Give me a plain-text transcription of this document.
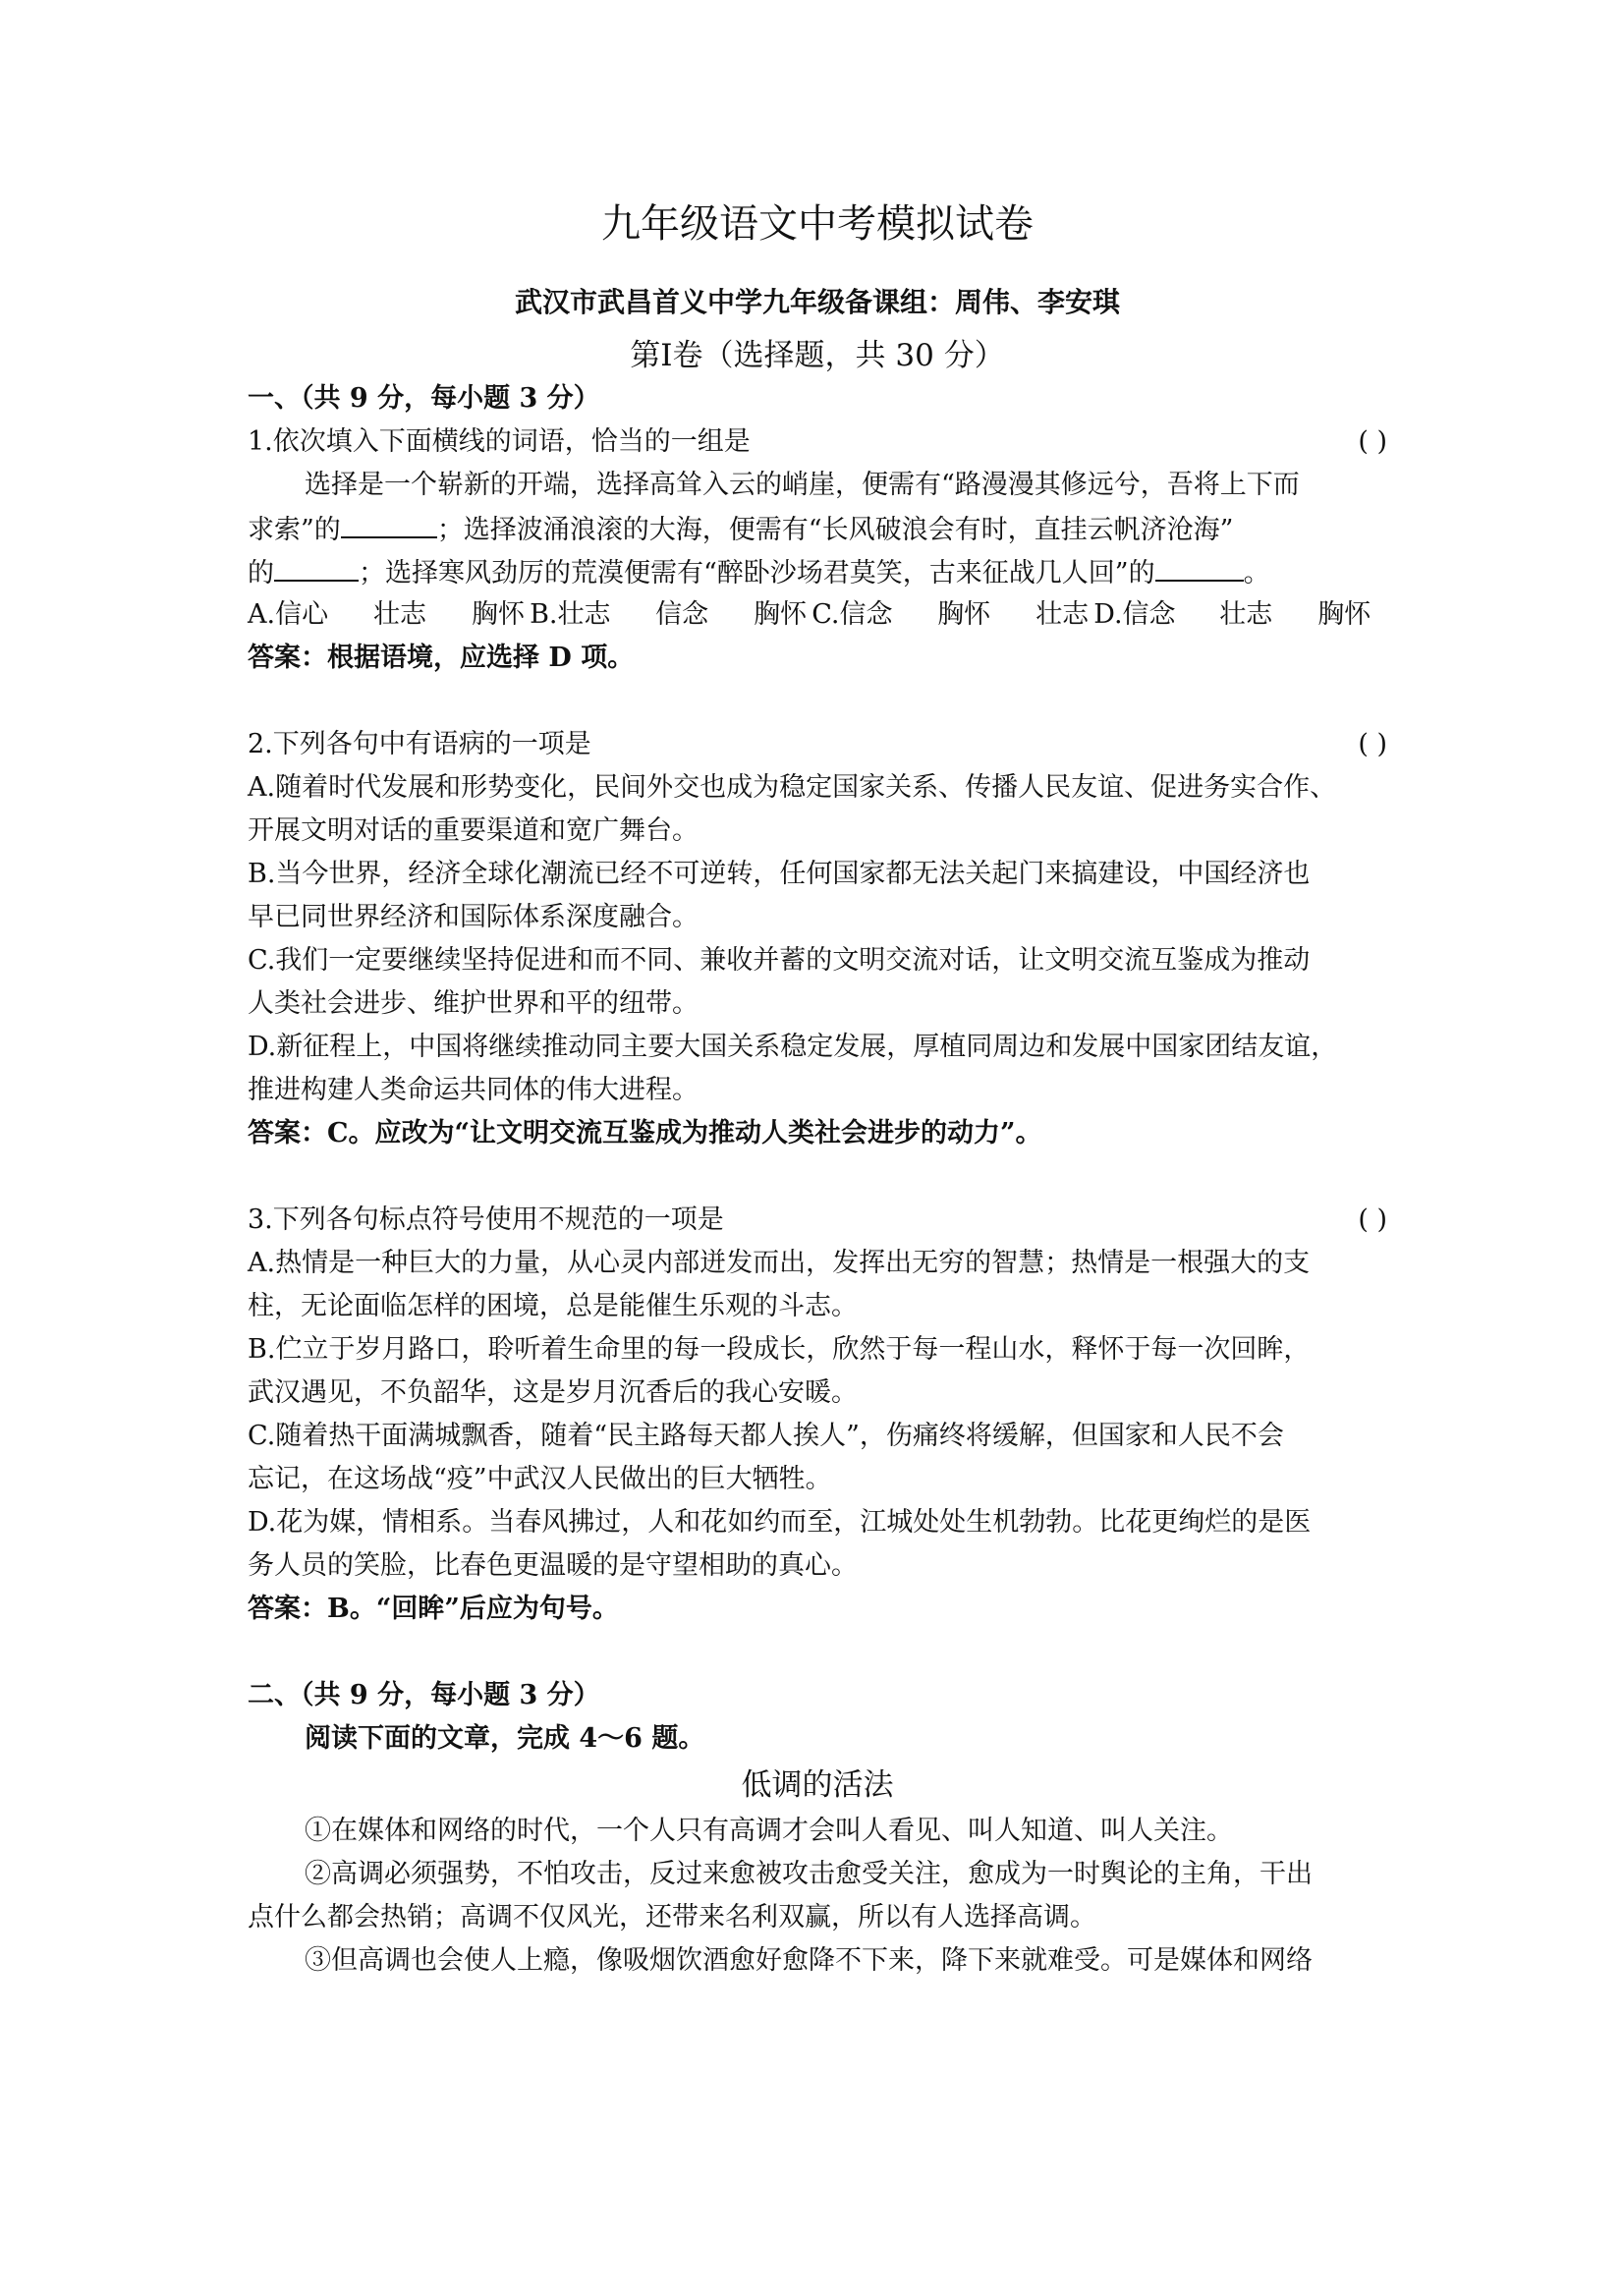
九年级语文中考模拟试卷
武汉市武昌首义中学九年级备课组：周伟、李安琪
第Ⅰ卷（选择题，共 30 分）
一、（共 9 分，每小题 3 分）
1.依次填入下面横线的词语，恰当的一组是	( )
选择是一个崭新的开端，选择高耸入云的峭崖，便需有“路漫漫其修远兮，吾将上下而
求索”的	；选择波涌浪滚的大海，便需有“长风破浪会有时，直挂云帆济沧海”
的	；选择寒风劲厉的荒漠便需有“醉卧沙场君莫笑，古来征战几人回”的	。
A.信心 壮志 胸怀 B.壮志 信念 胸怀 C.信念 胸怀 壮志 D.信念 壮志 胸怀
答案：根据语境，应选择 D 项。
2.下列各句中有语病的一项是	( )
A.随着时代发展和形势变化，民间外交也成为稳定国家关系、传播人民友谊、促进务实合作、
开展文明对话的重要渠道和宽广舞台。
B.当今世界，经济全球化潮流已经不可逆转，任何国家都无法关起门来搞建设，中国经济也
早已同世界经济和国际体系深度融合。
C.我们一定要继续坚持促进和而不同、兼收并蓄的文明交流对话，让文明交流互鉴成为推动
人类社会进步、维护世界和平的纽带。
D.新征程上，中国将继续推动同主要大国关系稳定发展，厚植同周边和发展中国家团结友谊，
推进构建人类命运共同体的伟大进程。
答案：C。应改为“让文明交流互鉴成为推动人类社会进步的动力”。
3.下列各句标点符号使用不规范的一项是	( )
A.热情是一种巨大的力量，从心灵内部迸发而出，发挥出无穷的智慧；热情是一根强大的支
柱，无论面临怎样的困境，总是能催生乐观的斗志。
B.伫立于岁月路口，聆听着生命里的每一段成长，欣然于每一程山水，释怀于每一次回眸，
武汉遇见，不负韶华，这是岁月沉香后的我心安暖。
C.随着热干面满城飘香，随着“民主路每天都人挨人”，伤痛终将缓解，但国家和人民不会
忘记，在这场战“疫”中武汉人民做出的巨大牺牲。
D.花为媒，情相系。当春风拂过，人和花如约而至，江城处处生机勃勃。比花更绚烂的是医
务人员的笑脸，比春色更温暖的是守望相助的真心。
答案：B。“回眸”后应为句号。
二、（共 9 分，每小题 3 分）
阅读下面的文章，完成 4～6 题。
低调的活法
①在媒体和网络的时代，一个人只有高调才会叫人看见、叫人知道、叫人关注。
②高调必须强势，不怕攻击，反过来愈被攻击愈受关注，愈成为一时舆论的主角，干出
点什么都会热销；高调不仅风光，还带来名利双赢，所以有人选择高调。
③但高调也会使人上瘾，像吸烟饮酒愈好愈降不下来，降下来就难受。可是媒体和网络
